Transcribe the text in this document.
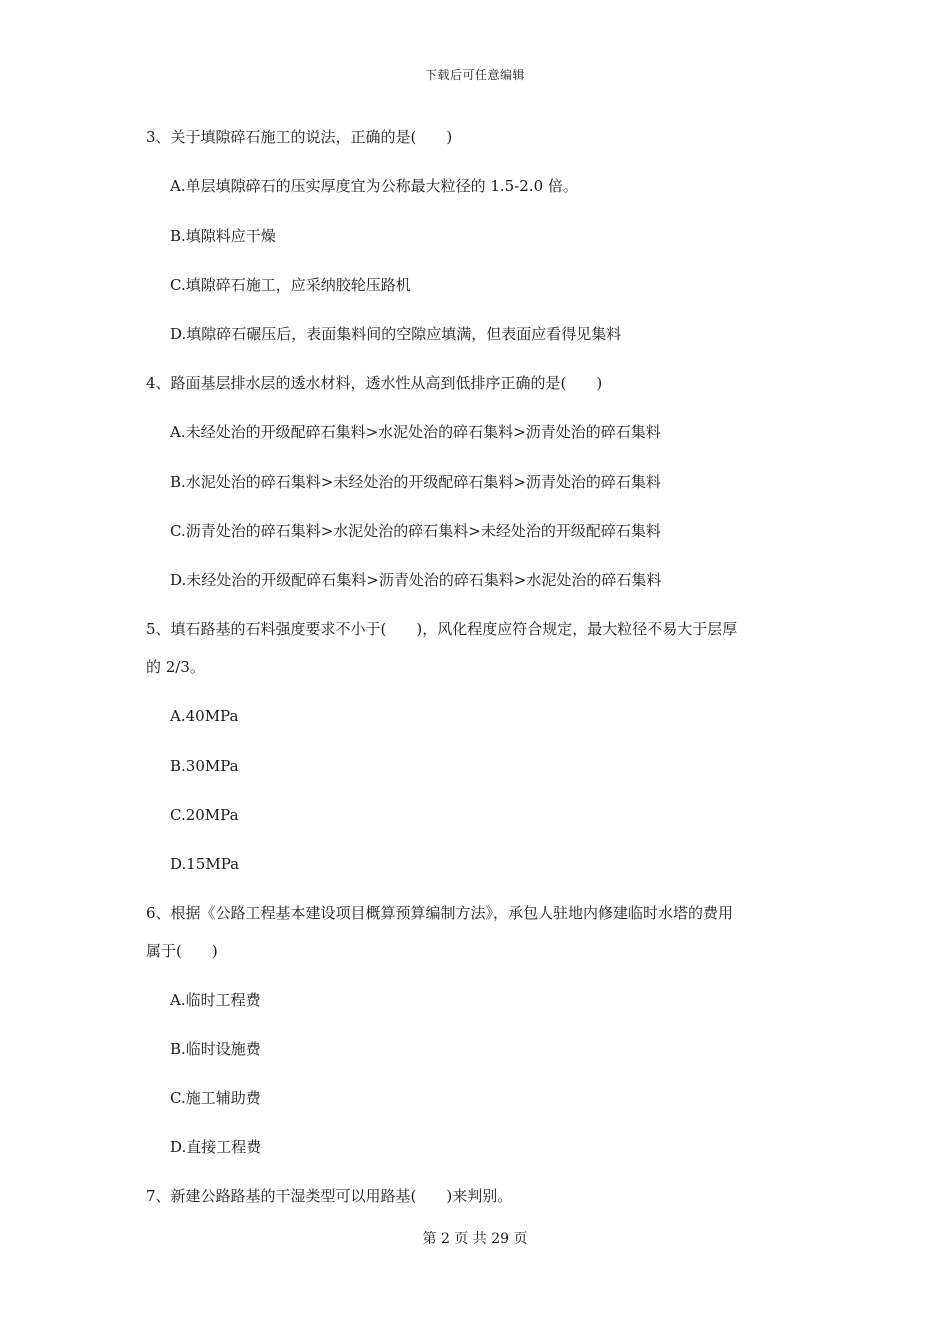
下载后可任意编辑
3、关于填隙碎石施工的说法，正确的是(　　)
A.单层填隙碎石的压实厚度宜为公称最大粒径的 1.5-2.0 倍。
B.填隙料应干燥
C.填隙碎石施工，应采纳胶轮压路机
D.填隙碎石碾压后，表面集料间的空隙应填满，但表面应看得见集料
4、路面基层排水层的透水材料，透水性从高到低排序正确的是(　　)
A.未经处治的开级配碎石集料>水泥处治的碎石集料>沥青处治的碎石集料
B.水泥处治的碎石集料>未经处治的开级配碎石集料>沥青处治的碎石集料
C.沥青处治的碎石集料>水泥处治的碎石集料>未经处治的开级配碎石集料
D.未经处治的开级配碎石集料>沥青处治的碎石集料>水泥处治的碎石集料
5、填石路基的石料强度要求不小于(　　)，风化程度应符合规定，最大粒径不易大于层厚
的 2/3。
A.40MPa
B.30MPa
C.20MPa
D.15MPa
6、根据《公路工程基本建设项目概算预算编制方法》，承包人驻地内修建临时水塔的费用
属于(　　)
A.临时工程费
B.临时设施费
C.施工辅助费
D.直接工程费
7、新建公路路基的干湿类型可以用路基(　　)来判别。
第 2 页 共 29 页
